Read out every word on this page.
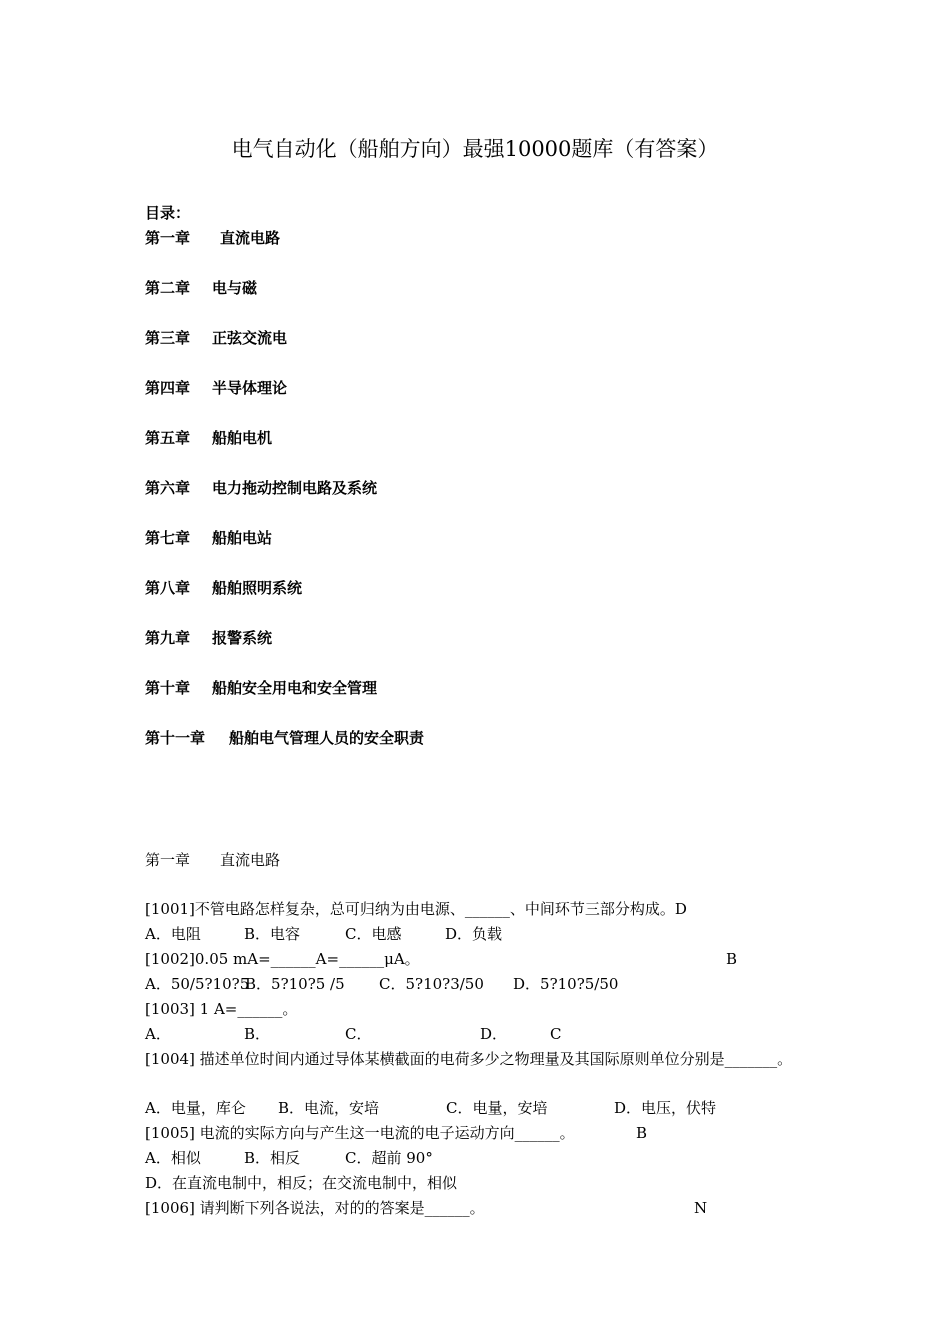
电气自动化（船舶方向）最强10000题库（有答案）
目录：
第一章 直流电路
第二章 电与磁
第三章 正弦交流电
第四章 半导体理论
第五章 船舶电机
第六章 电力拖动控制电路及系统
第七章 船舶电站
第八章 船舶照明系统
第九章 报警系统
第十章 船舶安全用电和安全管理
第十一章 船舶电气管理人员的安全职责
第一章 直流电路
[1001]不管电路怎样复杂，总可归纳为由电源、______、中间环节三部分构成。D
A．电阻	B．电容	C．电感	D．负载
[1002]0.05 mA=______A=______μA。	B
A．50/5?10?5B．5?10?5 /5 C．5?10?3/50 D．5?10?5/50
[1003] 1 A=______。
A．	B．	C．	D．	C
[1004] 描述单位时间内通过导体某横截面的电荷多少之物理量及其国际原则单位分别是_______。
A．电量，库仑 B．电流，安培	C．电量，安培	D．电压，伏特
[1005] 电流的实际方向与产生这一电流的电子运动方向______。	B
A．相似	B．相反	C．超前 90°
D．在直流电制中，相反；在交流电制中，相似
[1006] 请判断下列各说法，对的的答案是______。	N
